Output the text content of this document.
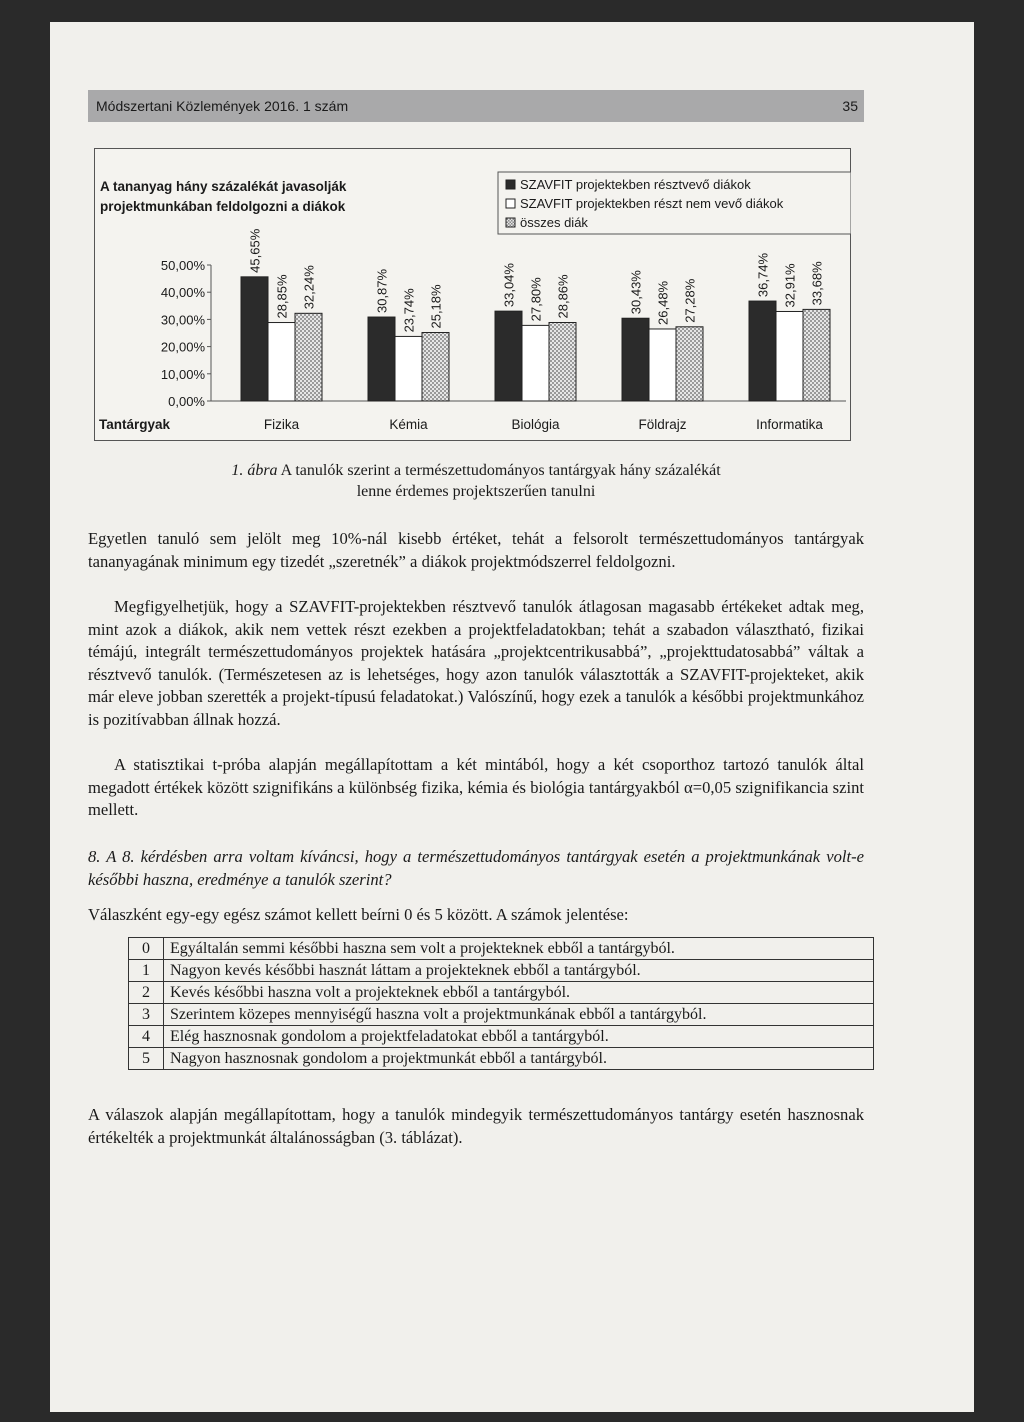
Módszertani Közlemények 2016. 1 szám	35
A tananyag hány százalékát javasolják
projektmunkában feldolgozni a diákok
SZAVFIT projektekben résztvevő diákok
SZAVFIT projektekben részt nem vevő diákok
összes diák
0,00%
10,00%
20,00%
30,00%
40,00%
50,00%	45,65%
28,85% 32,24%
Fizika
30,87% 23,74% 25,18%
Kémia
33,04% 27,80% 28,86%
Biológia
30,43% 26,48% 27,28%
Földrajz
36,74% 32,91% 33,68%
Informatika
Tantárgyak
1. ábra A tanulók szerint a természettudományos tantárgyak hány százalékát
lenne érdemes projektszerűen tanulni

Egyetlen tanuló sem jelölt meg 10%-nál kisebb értéket, tehát a felsorolt természettudományos tantárgyak tananyagának minimum egy tizedét „szeretnék” a diákok projektmódszerrel feldolgozni.

Megfigyelhetjük, hogy a SZAVFIT-projektekben résztvevő tanulók átlagosan magasabb értékeket adtak meg, mint azok a diákok, akik nem vettek részt ezekben a projektfeladatokban; tehát a szabadon választható, fizikai témájú, integrált természettudományos projektek hatására „projektcentrikusabbá”, „projekttudatosabbá” váltak a résztvevő tanulók. (Természetesen az is lehetséges, hogy azon tanulók választották a SZAVFIT-projekteket, akik már eleve jobban szerették a projekt-típusú feladatokat.) Valószínű, hogy ezek a tanulók a későbbi projektmunkához is pozitívabban állnak hozzá.

A statisztikai t-próba alapján megállapítottam a két mintából, hogy a két csoporthoz tartozó tanulók által megadott értékek között szignifikáns a különbség fizika, kémia és biológia tantárgyakból α=0,05 szignifikancia szint mellett.

8. A 8. kérdésben arra voltam kíváncsi, hogy a természettudományos tantárgyak esetén a projektmunkának volt-e későbbi haszna, eredménye a tanulók szerint?

Válaszként egy-egy egész számot kellett beírni 0 és 5 között. A számok jelentése:

0	Egyáltalán semmi későbbi haszna sem volt a projekteknek ebből a tantárgyból.
1	Nagyon kevés későbbi hasznát láttam a projekteknek ebből a tantárgyból.
2	Kevés későbbi haszna volt a projekteknek ebből a tantárgyból.
3	Szerintem közepes mennyiségű haszna volt a projektmunkának ebből a tantárgyból.
4	Elég hasznosnak gondolom a projektfeladatokat ebből a tantárgyból.
5	Nagyon hasznosnak gondolom a projektmunkát ebből a tantárgyból.

A válaszok alapján megállapítottam, hogy a tanulók mindegyik természettudományos tantárgy esetén hasznosnak értékelték a projektmunkát általánosságban (3. táblázat).
